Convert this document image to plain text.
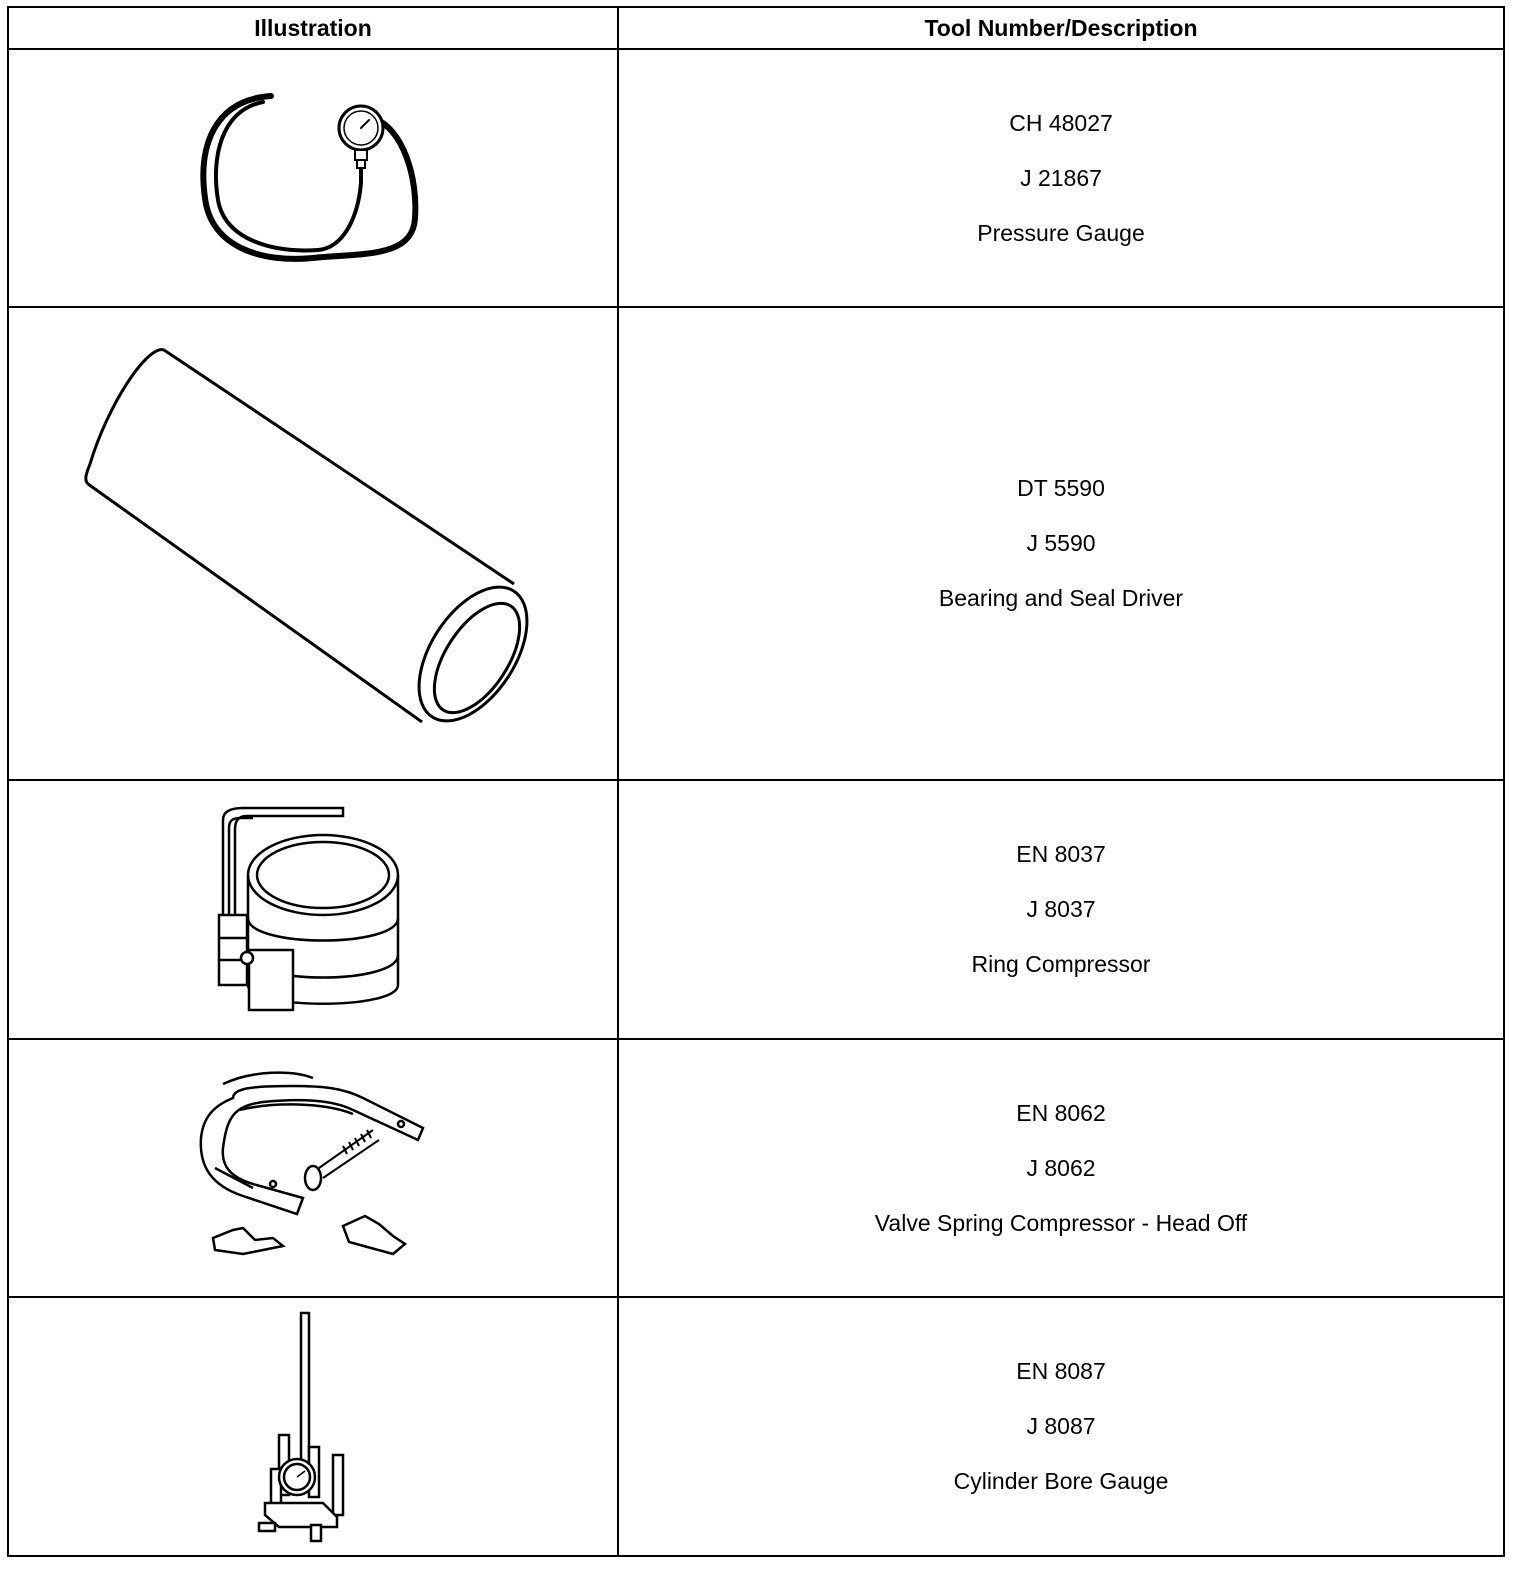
Illustration	Tool Number/Description

CH 48027
J 21867
Pressure Gauge

DT 5590
J 5590
Bearing and Seal Driver

EN 8037
J 8037
Ring Compressor

EN 8062
J 8062
Valve Spring Compressor - Head Off

EN 8087
J 8087
Cylinder Bore Gauge
